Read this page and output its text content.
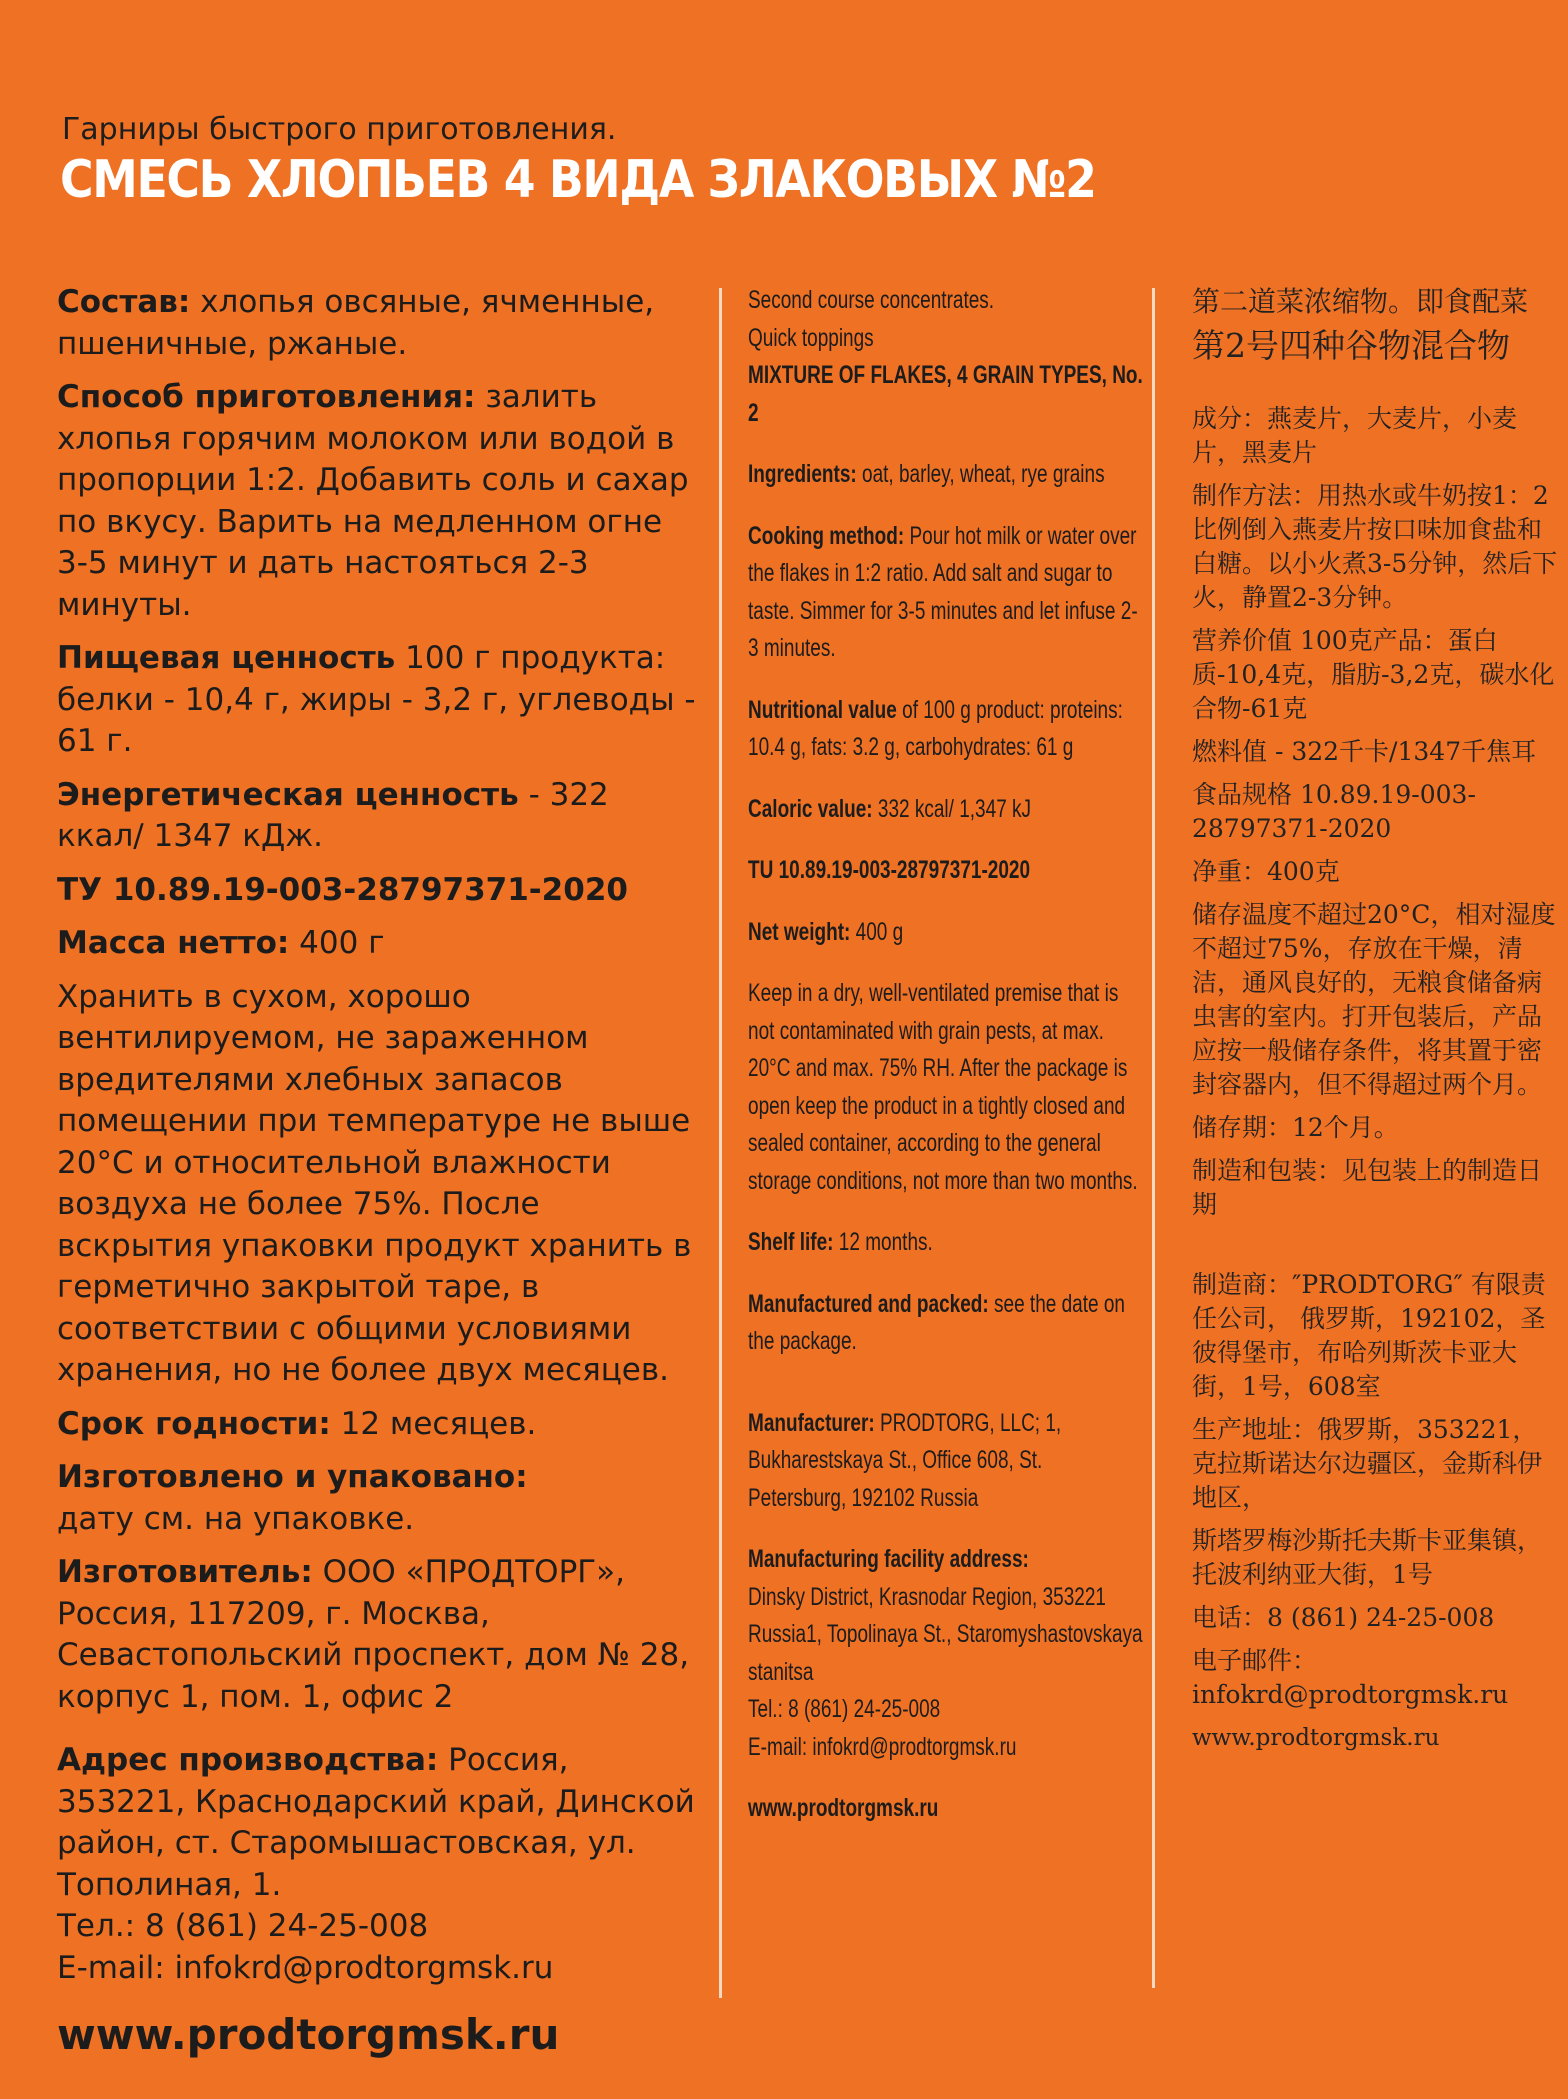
Гарниры быстрого приготовления.
СМЕСЬ ХЛОПЬЕВ 4 ВИДА ЗЛАКОВЫХ №2

Состав: хлопья овсяные, ячменные, пшеничные, ржаные.

Способ приготовления: залить хлопья горячим молоком или водой в пропорции 1:2. Добавить соль и сахар по вкусу. Варить на медленном огне 3-5 минут и дать настояться 2-3 минуты.

Пищевая ценность 100 г продукта: белки - 10,4 г, жиры - 3,2 г, углеводы - 61 г.

Энергетическая ценность - 322 ккал/ 1347 кДж.

ТУ 10.89.19-003-28797371-2020

Масса нетто: 400 г

Хранить в сухом, хорошо вентилируемом, не зараженном вредителями хлебных запасов помещении при температуре не выше 20°С и относительной влажности воздуха не более 75%. После вскрытия упаковки продукт хранить в герметично закрытой таре, в соответствии с общими условиями хранения, но не более двух месяцев.

Срок годности: 12 месяцев.

Изготовлено и упаковано:
дату см. на упаковке.

Изготовитель: ООО «ПРОДТОРГ», Россия, 117209, г. Москва, Севастопольский проспект, дом № 28, корпус 1, пом. 1, офис 2

Адрес производства: Россия, 353221, Краснодарский край, Динской район, ст. Старомышастовская, ул. Тополиная, 1.

Тел.: 8 (861) 24-25-008
E-mail: infokrd@prodtorgmsk.ru
www.prodtorgmsk.ru

Second course concentrates.
Quick toppings
MIXTURE OF FLAKES, 4 GRAIN TYPES, No. 2

Ingredients: oat, barley, wheat, rye grains

Cooking method: Pour hot milk or water over the flakes in 1:2 ratio. Add salt and sugar to taste. Simmer for 3-5 minutes and let infuse 2-3 minutes.

Nutritional value of 100 g product: proteins: 10.4 g, fats: 3.2 g, carbohydrates: 61 g

Caloric value: 332 kcal/ 1,347 kJ

TU 10.89.19-003-28797371-2020

Net weight: 400 g

Keep in a dry, well-ventilated premise that is not contaminated with grain pests, at max. 20°C and max. 75% RH. After the package is open keep the product in a tightly closed and sealed container, according to the general storage conditions, not more than two months.

Shelf life: 12 months.

Manufactured and packed: see the date on the package.

Manufacturer: PRODTORG, LLC; 1, Bukharestskaya St., Office 608, St. Petersburg, 192102 Russia

Manufacturing facility address:
Dinsky District, Krasnodar Region, 353221 Russia1, Topolinaya St., Staromyshastovskaya stanitsa
Tel.: 8 (861) 24-25-008
E-mail: infokrd@prodtorgmsk.ru

www.prodtorgmsk.ru

第二道菜浓缩物。即食配菜
第2号四种谷物混合物

成分：燕麦片，大麦片，小麦片，黑麦片

制作方法：用热水或牛奶按1：2比例倒入燕麦片按口味加食盐和白糖。以小火煮3-5分钟，然后下火，静置2-3分钟。

营养价值 100克产品：蛋白质-10,4克，脂肪-3,2克，碳水化合物-61克

燃料值 - 322千卡/1347千焦耳

食品规格 10.89.19-003-28797371-2020

净重：400克

储存温度不超过20°C，相对湿度不超过75%，存放在干燥，清洁，通风良好的，无粮食储备病虫害的室内。打开包装后，产品应按一般储存条件，将其置于密封容器内，但不得超过两个月。

储存期：12个月。

制造和包装：见包装上的制造日期

制造商：″PRODTORG″ 有限责任公司， 俄罗斯，192102，圣彼得堡市，布哈列斯茨卡亚大街，1号，608室

生产地址：俄罗斯，353221，克拉斯诺达尔边疆区，金斯科伊地区，

斯塔罗梅沙斯托夫斯卡亚集镇，托波利纳亚大街，1号

电话：8 (861) 24-25-008

电子邮件：infokrd@prodtorgmsk.ru

www.prodtorgmsk.ru
